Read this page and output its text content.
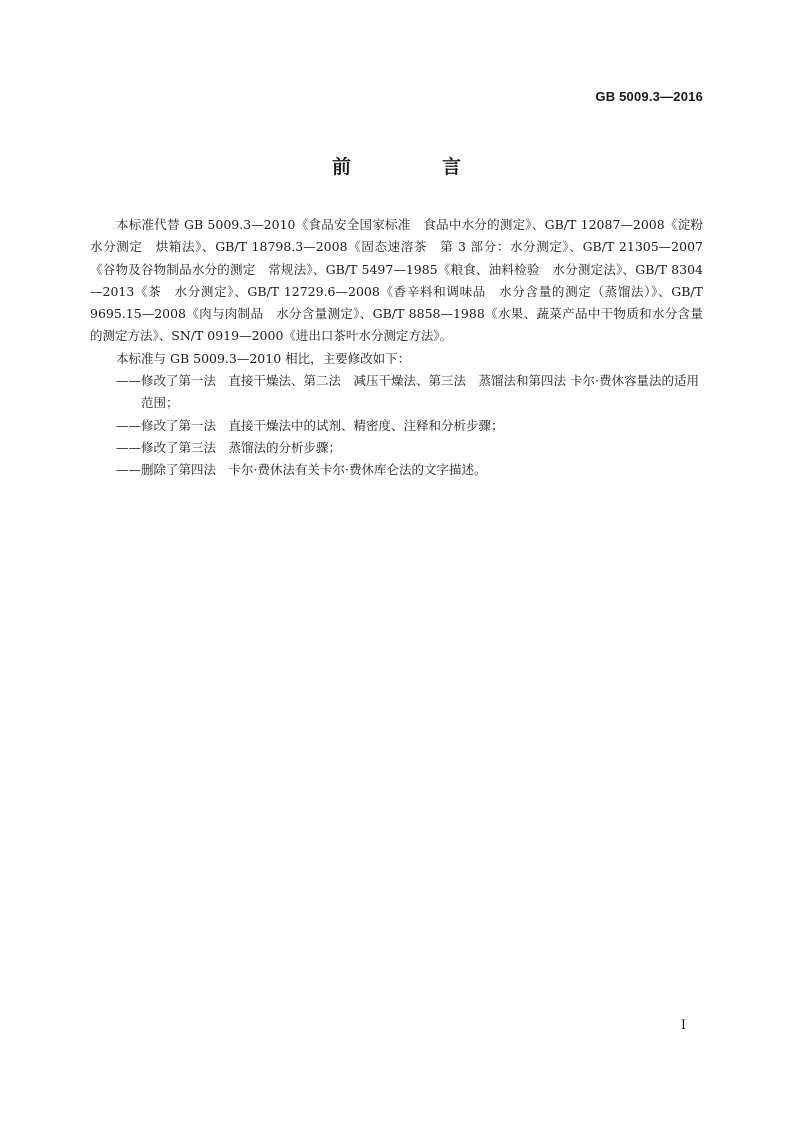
GB 5009.3—2016
前　言

本标准代替 GB 5009.3—2010《食品安全国家标准　食品中水分的测定》、GB/T 12087—2008《淀粉水分测定　烘箱法》、GB/T 18798.3—2008《固态速溶茶　第 3 部分：水分测定》、GB/T 21305—2007《谷物及谷物制品水分的测定　常规法》、GB/T 5497—1985《粮食、油料检验　水分测定法》、GB/T 8304—2013《茶　水分测定》、GB/T 12729.6—2008《香辛料和调味品　水分含量的测定（蒸馏法）》、GB/T 9695.15—2008《肉与肉制品　水分含量测定》、GB/T 8858—1988《水果、蔬菜产品中干物质和水分含量的测定方法》、SN/T 0919—2000《进出口茶叶水分测定方法》。

本标准与 GB 5009.3—2010 相比，主要修改如下：

—— 修改了第一法　直接干燥法、第二法　减压干燥法、第三法　蒸馏法和第四法 卡尔·费休容量法的适用范围；
—— 修改了第一法　直接干燥法中的试剂、精密度、注释和分析步骤；
—— 修改了第三法　蒸馏法的分析步骤；
—— 删除了第四法　卡尔·费休法有关卡尔·费休库仑法的文字描述。
I
